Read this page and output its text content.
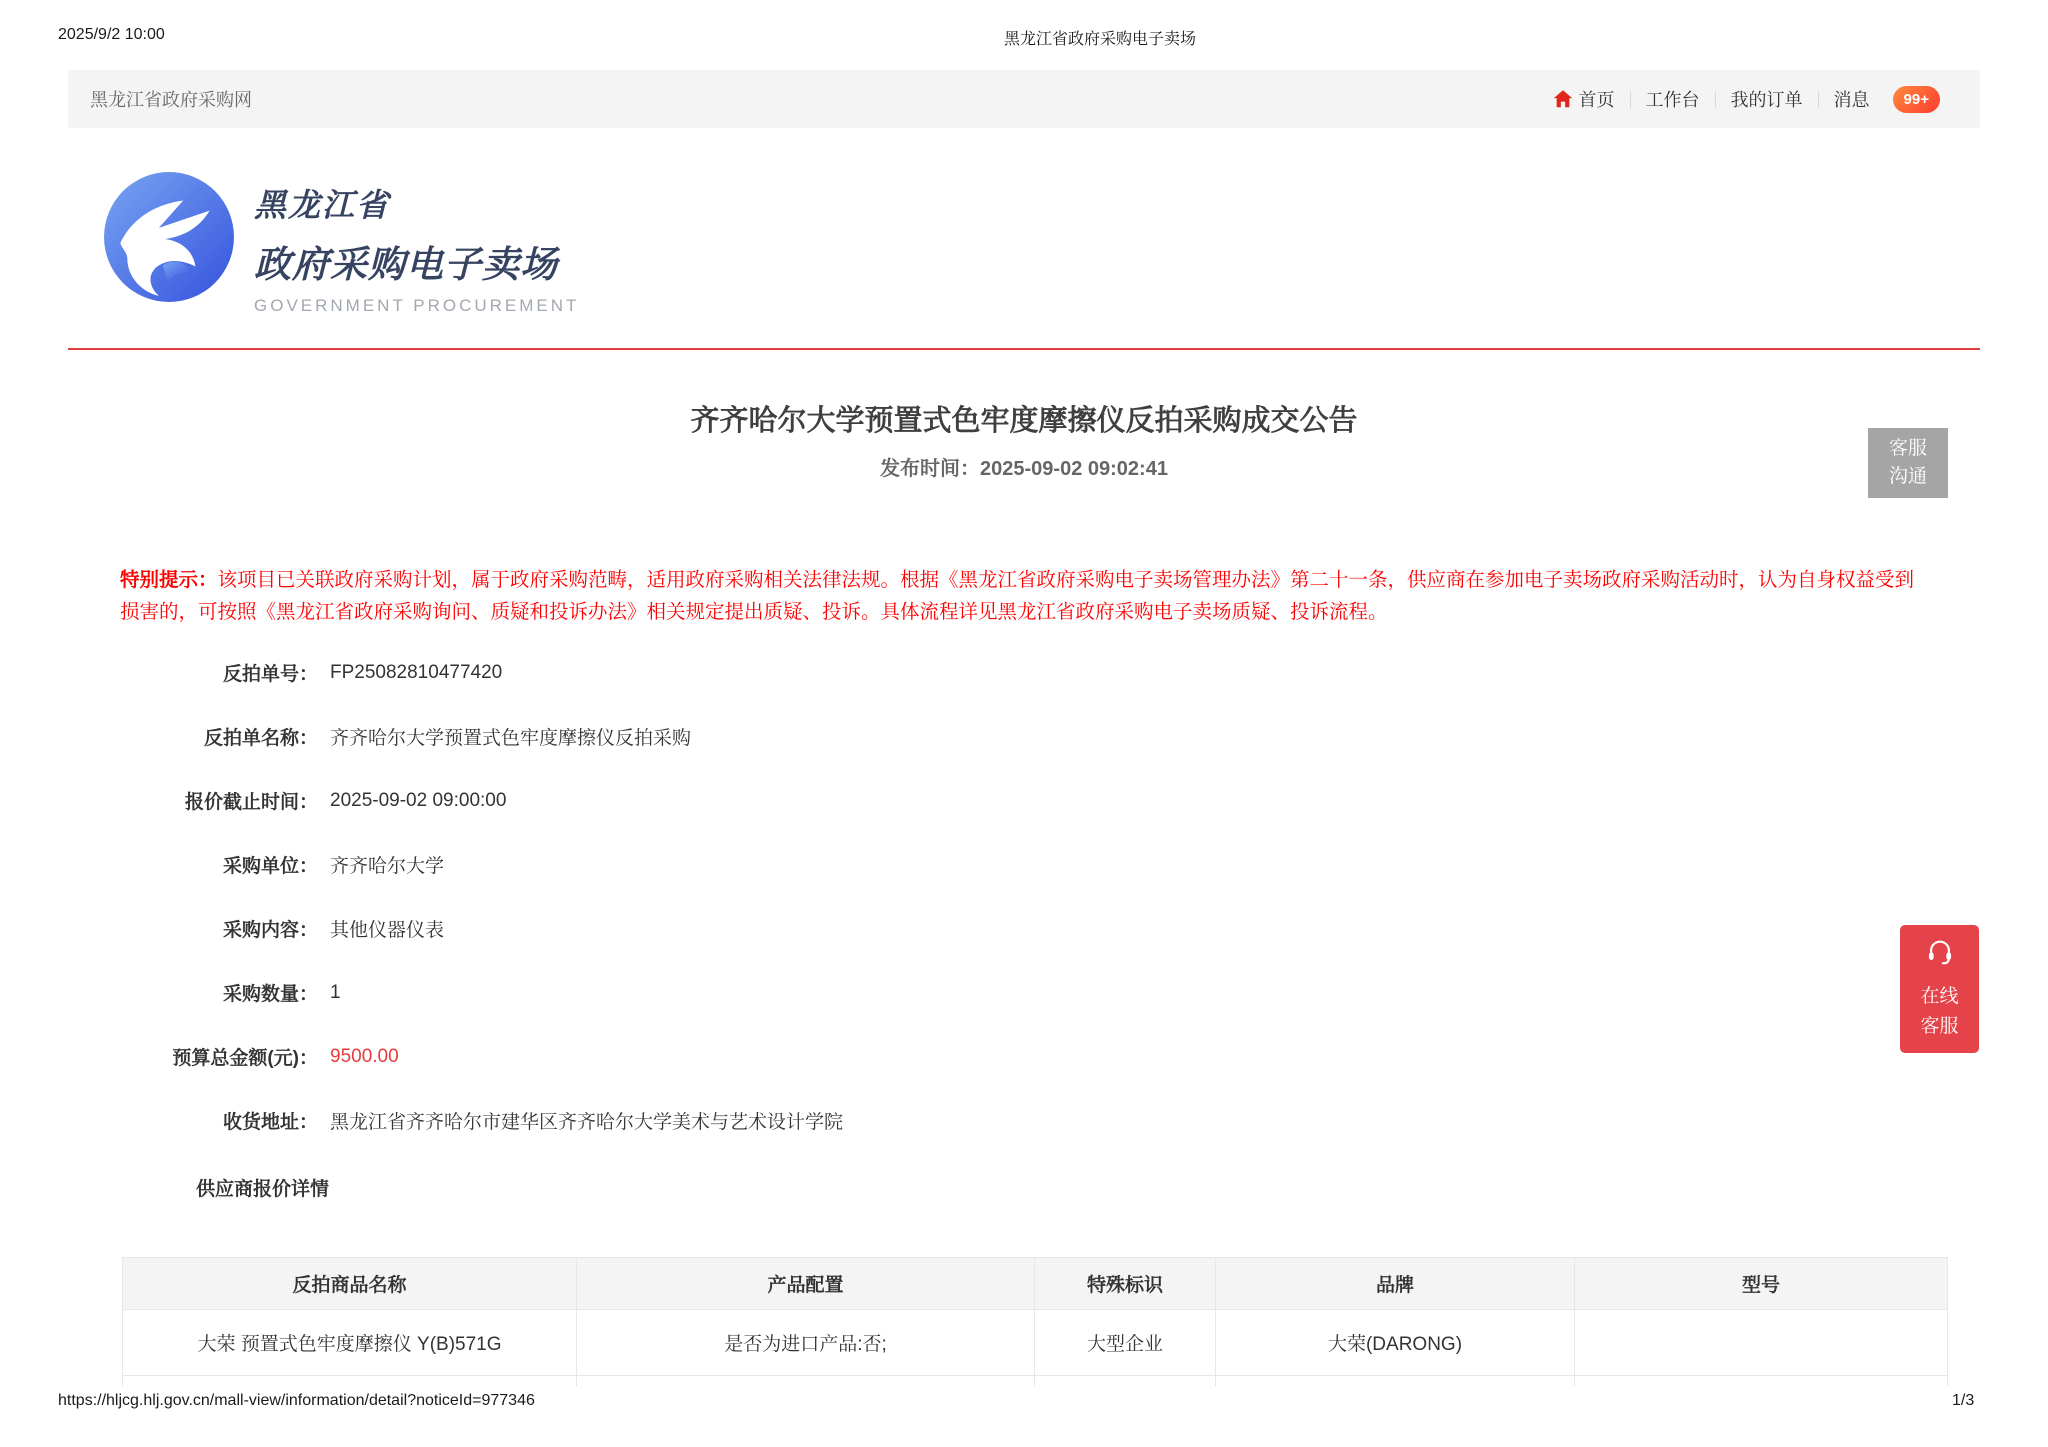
2025/9/2 10:00	黑龙江省政府采购电子卖场
黑龙江省政府采购网	首页 工作台 我的订单 消息	99+
黑龙江省
政府采购电子卖场
GOVERNMENT PROCUREMENT
齐齐哈尔大学预置式色牢度摩擦仪反拍采购成交公告
发布时间：2025-09-02 09:02:41
客服
沟通
特别提示：该项目已关联政府采购计划，属于政府采购范畴，适用政府采购相关法律法规。根据《黑龙江省政府采购电子卖场管理办法》第二十一条，供应商在参加电子卖场政府采购活动时，认为自身权益受到损害的，可按照《黑龙江省政府采购询问、质疑和投诉办法》相关规定提出质疑、投诉。具体流程详见黑龙江省政府采购电子卖场质疑、投诉流程。
反拍单号： FP25082810477420
反拍单名称： 齐齐哈尔大学预置式色牢度摩擦仪反拍采购
报价截止时间： 2025-09-02 09:00:00
采购单位： 齐齐哈尔大学
采购内容： 其他仪器仪表
采购数量： 1
预算总金额(元)： 9500.00
收货地址： 黑龙江省齐齐哈尔市建华区齐齐哈尔大学美术与艺术设计学院
供应商报价详情
反拍商品名称	产品配置	特殊标识	品牌	型号
大荣 预置式色牢度摩擦仪 Y(B)571G	是否为进口产品:否;	大型企业	大荣(DARONG)	

在线
客服
https://hljcg.hlj.gov.cn/mall-view/information/detail?noticeId=977346	1/3
